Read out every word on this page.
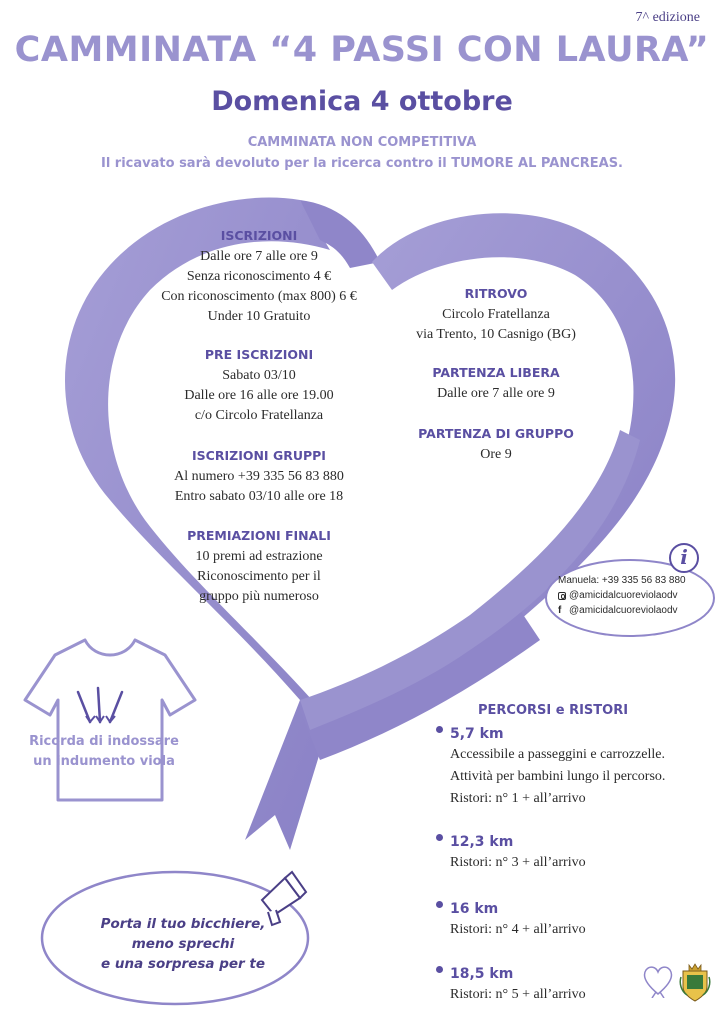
7^ edizione
CAMMINATA “4 PASSI CON LAURA”
Domenica 4 ottobre
CAMMINATA NON COMPETITIVA
Il ricavato sarà devoluto per la ricerca contro il TUMORE AL PANCREAS.
ISCRIZIONI
Dalle ore 7 alle ore 9
Senza riconoscimento 4 €
Con riconoscimento (max 800) 6 €
Under 10 Gratuito
PRE ISCRIZIONI
Sabato 03/10
Dalle ore 16 alle ore 19.00
c/o Circolo Fratellanza
ISCRIZIONI GRUPPI
Al numero +39 335 56 83 880
Entro sabato 03/10 alle ore 18
PREMIAZIONI FINALI
10 premi ad estrazione
Riconoscimento per il
gruppo più numeroso
RITROVO
Circolo Fratellanza
via Trento, 10 Casnigo (BG)
PARTENZA LIBERA
Dalle ore 7 alle ore 9
PARTENZA DI GRUPPO
Ore 9
i
Manuela: +39 335 56 83 880
@amicidalcuoreviolaodv
f @amicidalcuoreviolaodv
Ricorda di indossare
un indumento viola
Porta il tuo bicchiere,
meno sprechi
e una sorpresa per te
PERCORSI e RISTORI
5,7 km
Accessibile a passeggini e carrozzelle.
Attività per bambini lungo il percorso.
Ristori: n° 1 + all’arrivo
12,3 km
Ristori: n° 3 + all’arrivo
16 km
Ristori: n° 4 + all’arrivo
18,5 km
Ristori: n° 5 + all’arrivo
